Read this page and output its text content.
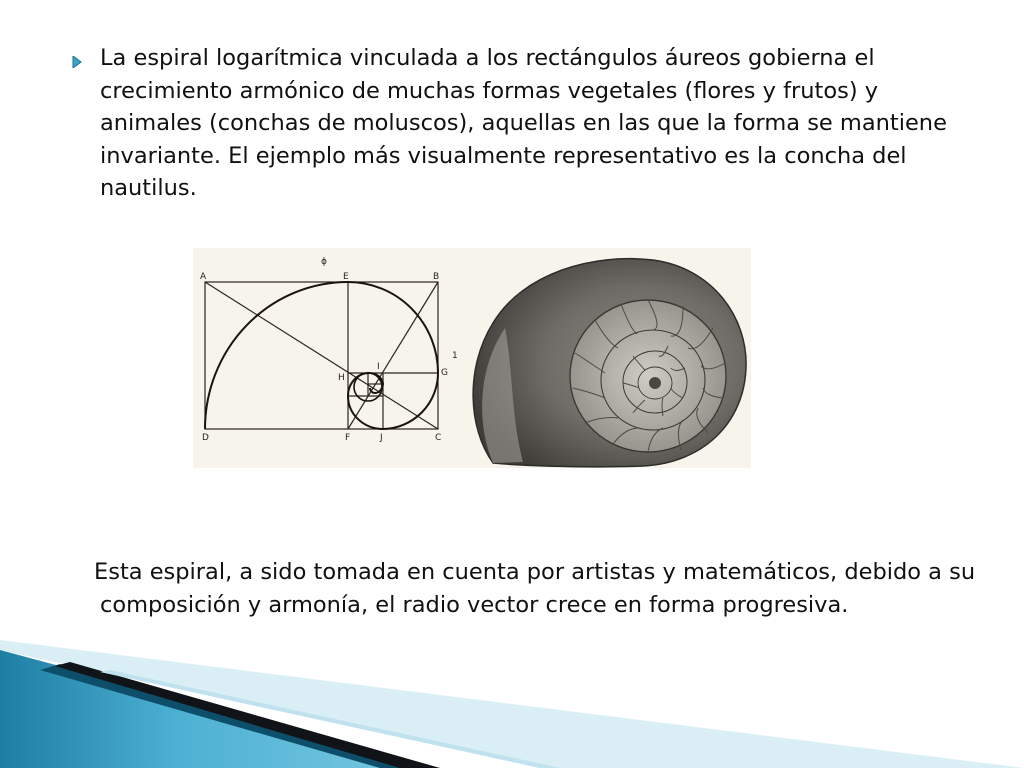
La espiral logarítmica vinculada a los rectángulos áureos gobierna el crecimiento armónico de muchas formas vegetales (flores y frutos) y animales (conchas de moluscos), aquellas en las que la forma se mantiene invariante. El ejemplo más visualmente representativo es la concha del nautilus.

ϕ
A	E	B
1
I
H	G
D	F	J	C

Esta espiral, a sido tomada en cuenta por artistas y matemáticos, debido a su composición y armonía, el radio vector crece en forma progresiva.
